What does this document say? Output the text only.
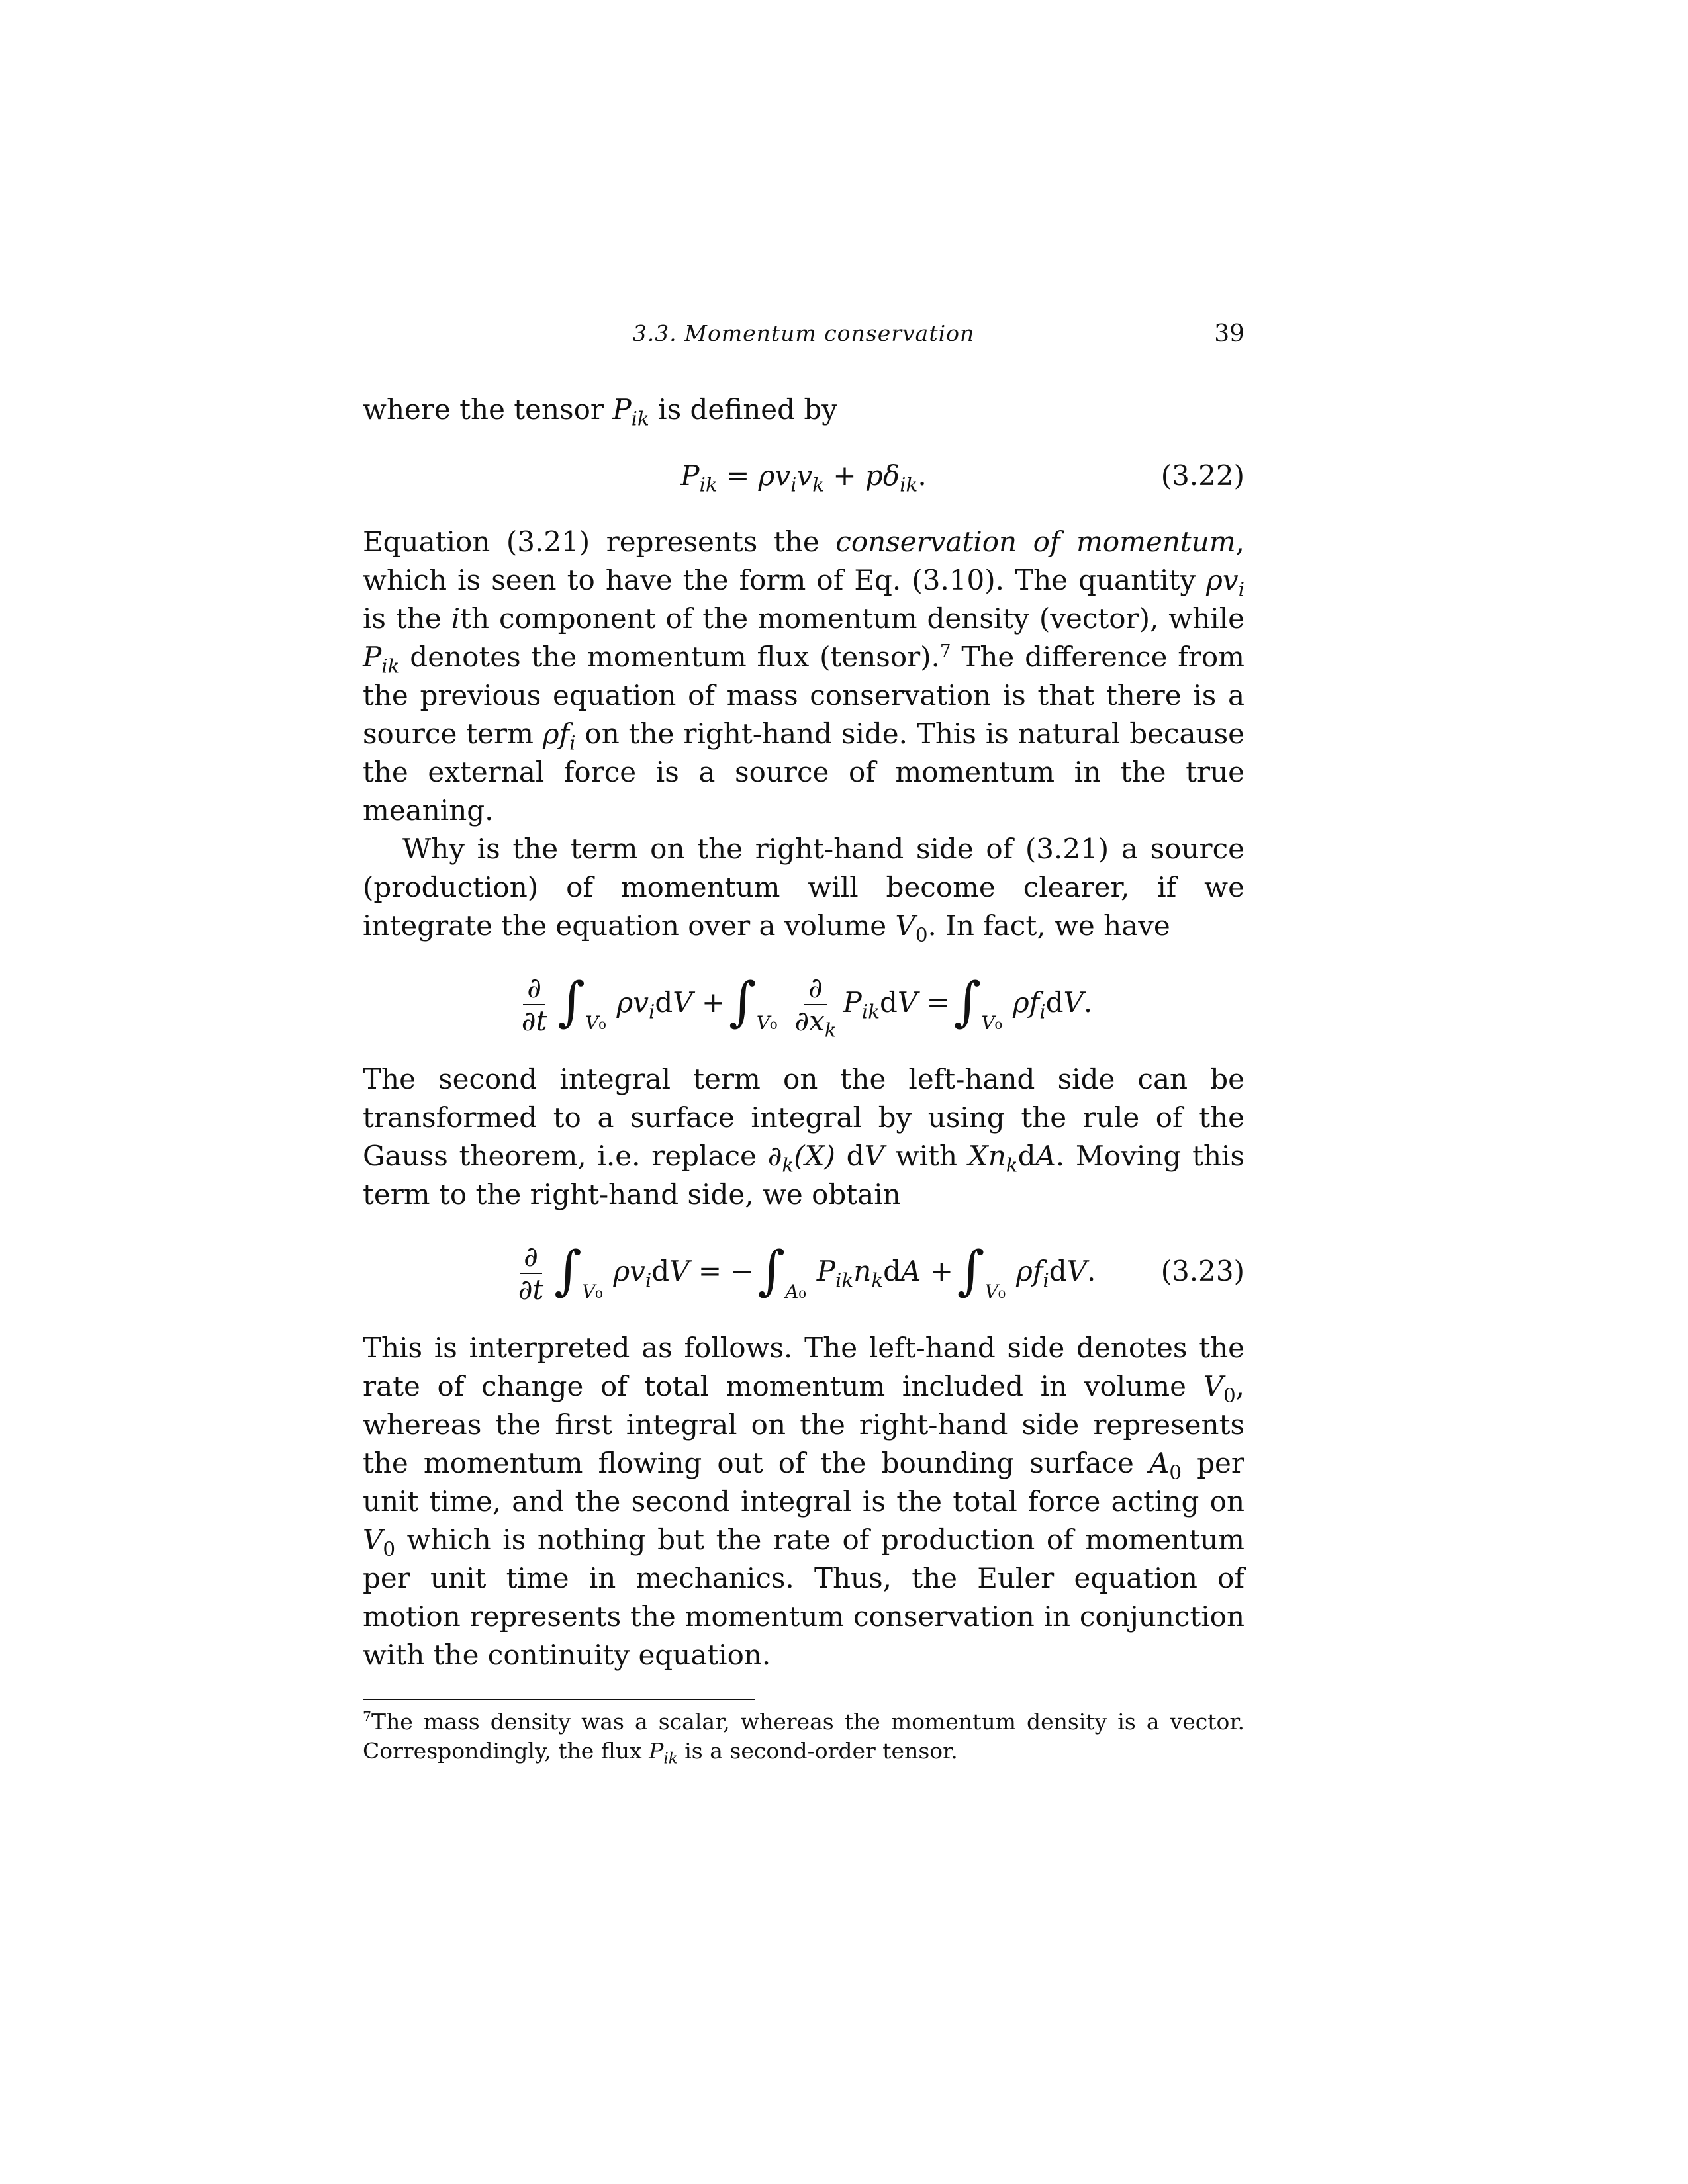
3.3. Momentum conservation	39

where the tensor $P_{ik}$ is defined by

$P_{ik} = \rho v_iv_k + p\delta_{ik}$.	(3.22)

Equation (3.21) represents the conservation of momentum, which is seen to have the form of Eq. (3.10). The quantity $\rho v_i$ is the ith component of the momentum density (vector), while $P_{ik}$ denotes the momentum flux (tensor).$^7$ The difference from the previous equation of mass conservation is that there is a source term $\rho f_i$ on the right-hand side. This is natural because the external force is a source of momentum in the true meaning.

Why is the term on the right-hand side of (3.21) a source (production) of momentum will become clearer, if we integrate the equation over a volume $V_0$. In fact, we have

$\frac{\partial}{\partial t} \int_{V_0}\rho v_idV +\int_{V_0} \frac{\partial}{\partial x_k} P_{ik}dV =\int_{V_0}\rho f_idV$.

The second integral term on the left-hand side can be transformed to a surface integral by using the rule of the Gauss theorem, i.e. replace $\partial_k(X)$ dV with $Xn_kdA$. Moving this term to the right-hand side, we obtain

$\frac{\partial}{\partial t} \int_{V_0}\rho v_idV = -\int_{A_0}P_{ik}n_kdA +\int_{V_0}\rho f_idV$. (3.23)

This is interpreted as follows. The left-hand side denotes the rate of change of total momentum included in volume $V_0$, whereas the first integral on the right-hand side represents the momentum flowing out of the bounding surface $A_0$ per unit time, and the second integral is the total force acting on $V_0$ which is nothing but the rate of production of momentum per unit time in mechanics. Thus, the Euler equation of motion represents the momentum conservation in conjunction with the continuity equation.

$^7$The mass density was a scalar, whereas the momentum density is a vector. Correspondingly, the flux $P_{ik}$ is a second-order tensor.
